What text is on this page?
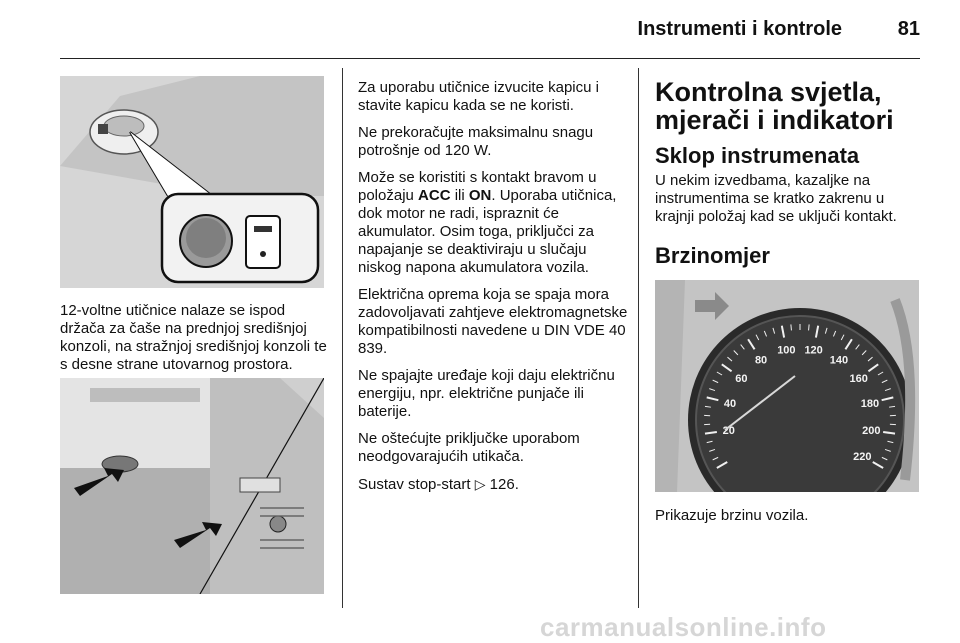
Instrumenti i kontrole	81

12-voltne utičnice nalaze se ispod držača za čaše na prednjoj središnjoj konzoli, na stražnjoj središnjoj konzoli te s desne strane utovarnog prostora.

Za uporabu utičnice izvucite kapicu i stavite kapicu kada se ne koristi.

Ne prekoračujte maksimalnu snagu potrošnje od 120 W.

Može se koristiti s kontakt bravom u položaju ACC ili ON. Uporaba utičnica, dok motor ne radi, ispraznit će akumulator. Osim toga, priključci za napajanje se deaktiviraju u slučaju niskog napona akumulatora vozila.

Električna oprema koja se spaja mora zadovoljavati zahtjeve elektromagnetske kompatibilnosti navedene u DIN VDE 40 839.

Ne spajajte uređaje koji daju električnu energiju, npr. električne punjače ili baterije.

Ne oštećujte priključke uporabom neodgovarajućih utikača.

Sustav stop-start ▷ 126.

Kontrolna svjetla, mjerači i indikatori
Sklop instrumenata

U nekim izvedbama, kazaljke na instrumentima se kratko zakrenu u krajnji položaj kad se uključi kontakt.

Brzinomjer
20
40
60
80
100 120
140
160
180
200
220

Prikazuje brzinu vozila.

carmanualsonline.info
